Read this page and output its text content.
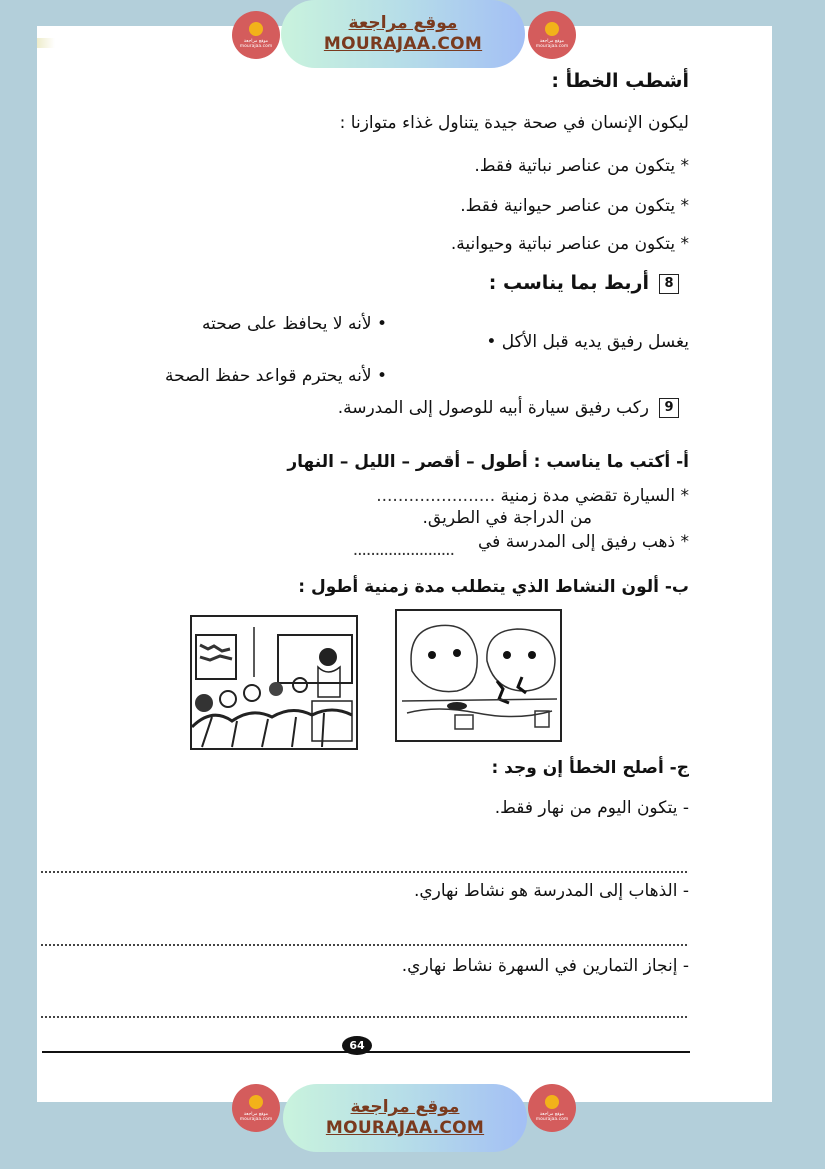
موقع مراجعة
mourajaa.com
موقع مراجعة
MOURAJAA.COM	موقع مراجعة
mourajaa.com
أشطب الخطأ :
ليكون الإنسان في صحة جيدة يتناول غذاء متوازنا :
* يتكون من عناصر نباتية فقط.
* يتكون من عناصر حيوانية فقط.
* يتكون من عناصر نباتية وحيوانية.
8أربط بما يناسب :
• لأنه لا يحافظ على صحته
يغسل رفيق يديه قبل الأكل •
• لأنه يحترم قواعد حفظ الصحة
9ركب رفيق سيارة أبيه للوصول إلى المدرسة.
أ- أكتب ما يناسب : أطول – أقصر – الليل – النهار
* السيارة تقضي مدة زمنية ......................
من الدراجة في الطريق.
* ذهب رفيق إلى المدرسة في
.......................
ب- ألون النشاط الذي يتطلب مدة زمنية أطول :
ج- أصلح الخطأ إن وجد :
- يتكون اليوم من نهار فقط.
- الذهاب إلى المدرسة هو نشاط نهاري.
- إنجاز التمارين في السهرة نشاط نهاري.
64
موقع مراجعة
mourajaa.com
موقع مراجعة
MOURAJAA.COM
موقع مراجعة
mourajaa.com
